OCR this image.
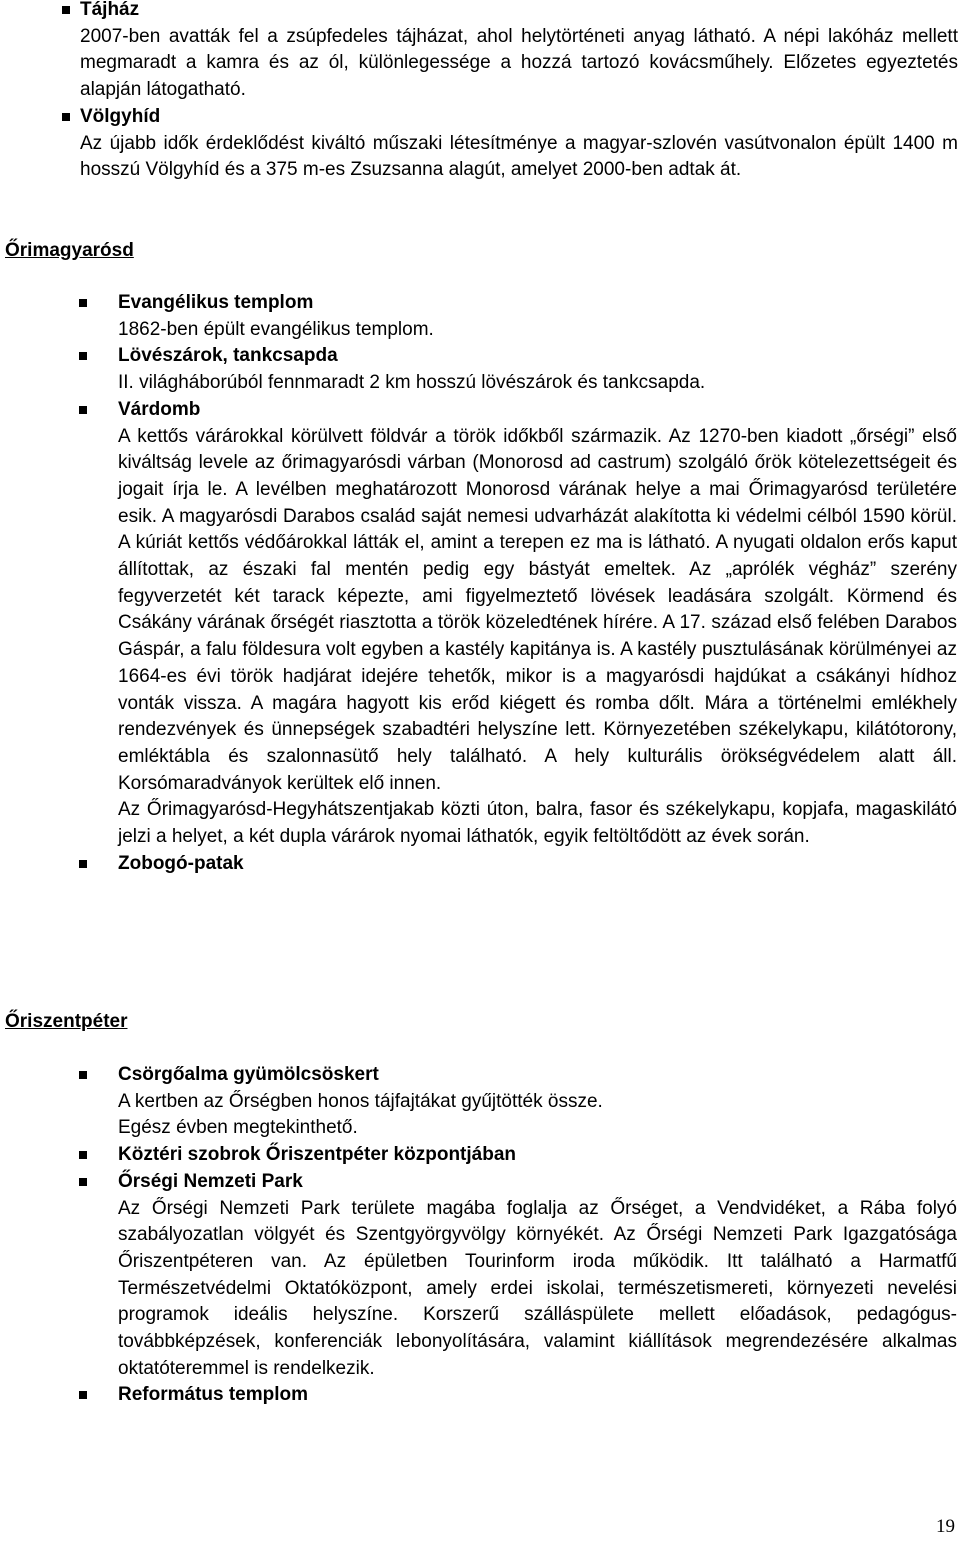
Tájház
2007-ben avatták fel a zsúpfedeles tájházat, ahol helytörténeti anyag látható. A népi lakóház mellett megmaradt a kamra és az ól, különlegessége a hozzá tartozó kovácsműhely. Előzetes egyeztetés alapján látogatható.
Völgyhíd
Az újabb idők érdeklődést kiváltó műszaki létesítménye a magyar-szlovén vasútvonalon épült 1400 m hosszú Völgyhíd és a 375 m-es Zsuzsanna alagút, amelyet 2000-ben adtak át.
Őrimagyarósd
Evangélikus templom
1862-ben épült evangélikus templom.
Lövészárok, tankcsapda
II. világháborúból fennmaradt 2 km hosszú lövészárok és tankcsapda.
Várdomb
A kettős várárokkal körülvett földvár a török időkből származik. Az 1270-ben kiadott „őrségi” első kiváltság levele az őrimagyarósdi várban (Monorosd ad castrum) szolgáló őrök kötelezettségeit és jogait írja le. A levélben meghatározott Monorosd várának helye a mai Őrimagyarósd területére esik. A magyarósdi Darabos család saját nemesi udvarházát alakította ki védelmi célból 1590 körül. A kúriát kettős védőárokkal látták el, amint a terepen ez ma is látható. A nyugati oldalon erős kaput állítottak, az északi fal mentén pedig egy bástyát emeltek. Az „aprólék végház” szerény fegyverzetét két tarack képezte, ami figyelmeztető lövések leadására szolgált. Körmend és Csákány várának őrségét riasztotta a török közeledtének hírére. A 17. század első felében Darabos Gáspár, a falu földesura volt egyben a kastély kapitánya is. A kastély pusztulásának körülményei az 1664-es évi török hadjárat idejére tehetők, mikor is a magyarósdi hajdúkat a csákányi hídhoz vonták vissza. A magára hagyott kis erőd kiégett és romba dőlt. Mára a történelmi emlékhely rendezvények és ünnepségek szabadtéri helyszíne lett. Környezetében székelykapu, kilátótorony, emléktábla és szalonnasütő hely található. A hely kulturális örökségvédelem alatt áll. Korsómaradványok kerültek elő innen.
Az Őrimagyarósd-Hegyhátszentjakab közti úton, balra, fasor és székelykapu, kopjafa, magaskilátó jelzi a helyet, a két dupla várárok nyomai láthatók, egyik feltöltődött az évek során.
Zobogó-patak
Őriszentpéter
Csörgőalma gyümölcsöskert
A kertben az Őrségben honos tájfajtákat gyűjtötték össze.
Egész évben megtekinthető.
Köztéri szobrok Őriszentpéter központjában
Őrségi Nemzeti Park
Az Őrségi Nemzeti Park területe magába foglalja az Őrséget, a Vendvidéket, a Rába folyó szabályozatlan völgyét és Szentgyörgyvölgy környékét. Az Őrségi Nemzeti Park Igazgatósága Őriszentpéteren van. Az épületben Tourinform iroda működik. Itt található a Harmatfű Természetvédelmi Oktatóközpont, amely erdei iskolai, természetismereti, környezeti nevelési programok ideális helyszíne. Korszerű szálláspülete mellett előadások, pedagógus- továbbképzések, konferenciák lebonyolítására, valamint kiállítások megrendezésére alkalmas oktatóteremmel is rendelkezik.
Református templom
19
